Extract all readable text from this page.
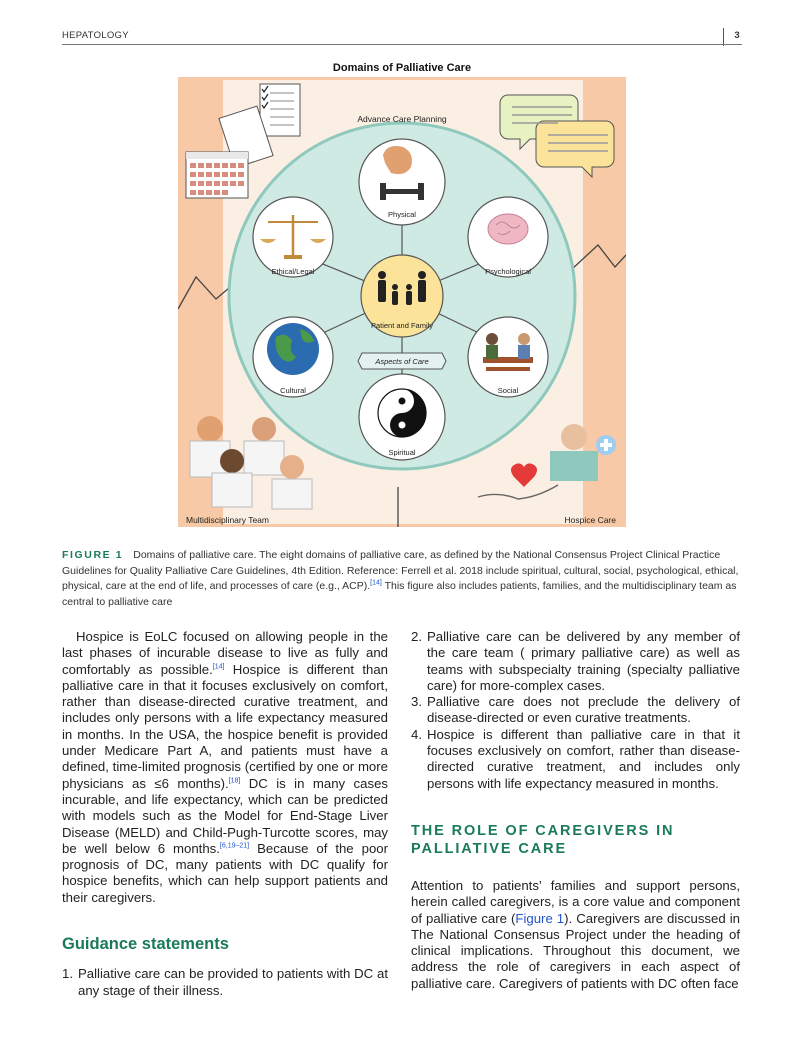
HEPATOLOGY	3
Domains of Palliative Care
Physical
Psychological
Social
Spiritual
Cultural
Ethical/Legal
Patient and Family
Aspects of Care
Advance Care Planning
Multidisciplinary Team	Hospice Care
FIGURE 1 Domains of palliative care. The eight domains of palliative care, as defined by the National Consensus Project Clinical Practice Guidelines for Quality Palliative Care Guidelines, 4th Edition. Reference: Ferrell et al. 2018 include spiritual, cultural, social, psychological, ethical, physical, care at the end of life, and processes of care (e.g., ACP).[14] This figure also includes patients, families, and the multidisciplinary team as central to palliative care

Hospice is EoLC focused on allowing people in the last phases of incurable disease to live as fully and comfortably as possible.[14] Hospice is different than palliative care in that it focuses exclusively on comfort, rather than disease-directed curative treatment, and includes only persons with a life expectancy measured in months. In the USA, the hospice benefit is provided under Medicare Part A, and patients must have a defined, time-limited prognosis (certified by one or more physicians as ≤6 months).[18] DC is in many cases incurable, and life expectancy, which can be predicted with models such as the Model for End-Stage Liver Disease (MELD) and Child-Pugh-Turcotte scores, may be well below 6 months.[6,19–21] Because of the poor prognosis of DC, many patients with DC qualify for hospice benefits, which can help support patients and their caregivers.

Guidance statements
1. Palliative care can be provided to patients with DC at any stage of their illness.
2. Palliative care can be delivered by any member of the care team ( primary palliative care) as well as teams with subspecialty training (specialty palliative care) for more-complex cases.
3. Palliative care does not preclude the delivery of disease-directed or even curative treatments.
4. Hospice is different than palliative care in that it focuses exclusively on comfort, rather than disease-directed curative treatment, and includes only persons with life expectancy measured in months.
THE ROLE OF CAREGIVERS IN PALLIATIVE CARE

Attention to patients’ families and support persons, herein called caregivers, is a core value and component of palliative care (Figure 1). Caregivers are discussed in The National Consensus Project under the heading of clinical implications. Throughout this document, we address the role of caregivers in each aspect of palliative care. Caregivers of patients with DC often face
